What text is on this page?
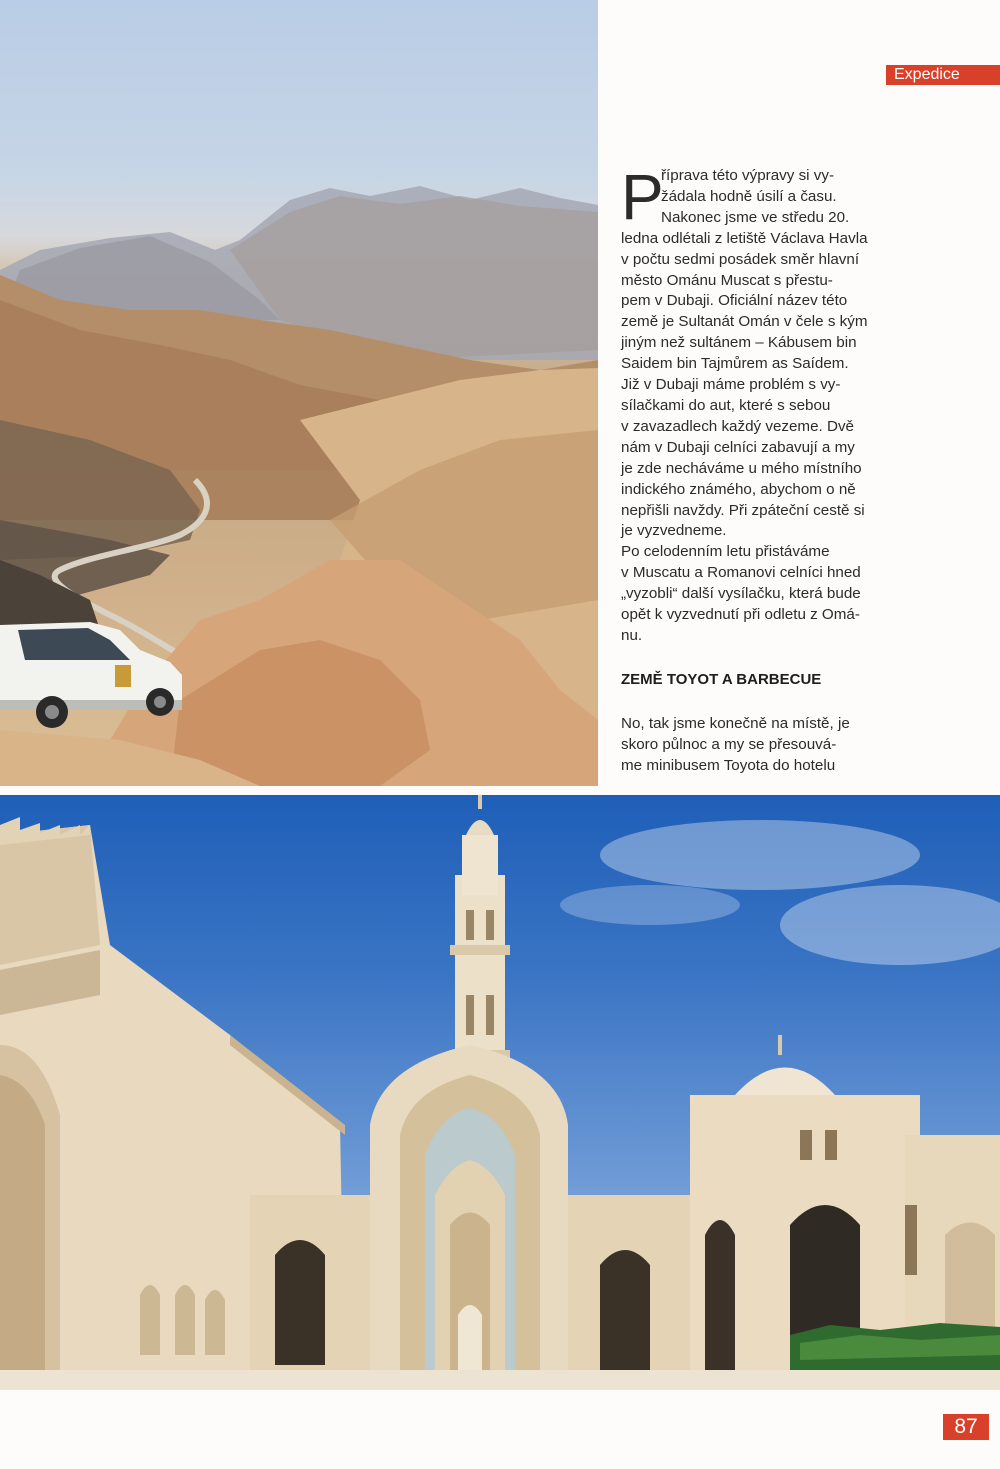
Expedice
P
říprava této výpravy si vy-
žádala hodně úsilí a času.
Nakonec jsme ve středu 20.
ledna odlétali z letiště Václava Havla
v počtu sedmi posádek směr hlavní
město Ománu Muscat s přestu-
pem v Dubaji. Oficiální název této
země je Sultanát Omán v čele s kým
jiným než sultánem – Kábusem bin
Saidem bin Tajmůrem as Saídem.
Již v Dubaji máme problém s vy-
sílačkami do aut, které s sebou
v zavazadlech každý vezeme. Dvě
nám v Dubaji celníci zabavují a my
je zde necháváme u mého místního
indického známého, abychom o ně
nepřišli navždy. Při zpáteční cestě si
je vyzvedneme.
Po celodenním letu přistáváme
v Muscatu a Romanovi celníci hned
„vyzobli“ další vysílačku, která bude
opět k vyzvednutí při odletu z Omá-
nu.
ZEMĚ TOYOT A BARBECUE
No, tak jsme konečně na místě, je
skoro půlnoc a my se přesouvá-
me minibusem Toyota do hotelu
87
